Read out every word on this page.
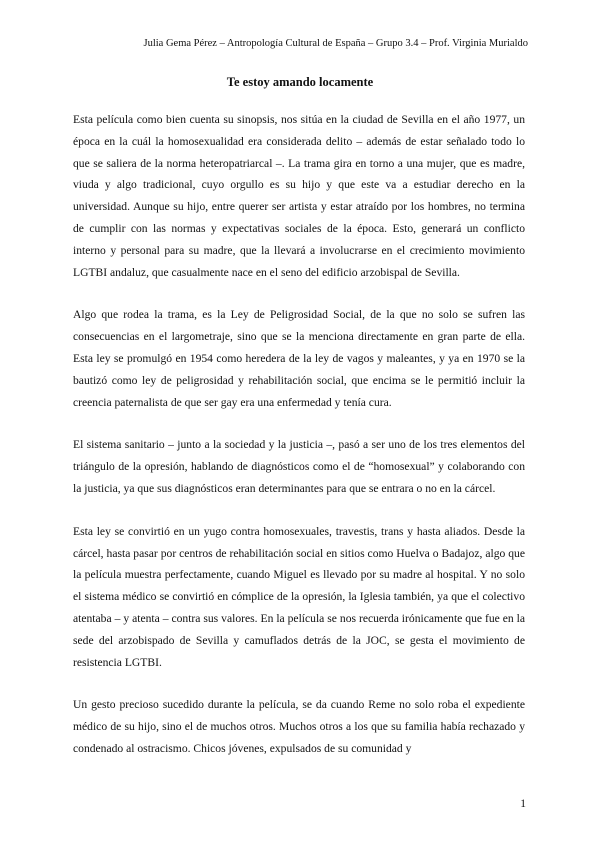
Julia Gema Pérez – Antropología Cultural de España – Grupo 3.4 – Prof. Virginia Murialdo
Te estoy amando locamente

Esta película como bien cuenta su sinopsis, nos sitúa en la ciudad de Sevilla en el año 1977, un época en la cuál la homosexualidad era considerada delito – además de estar señalado todo lo que se saliera de la norma heteropatriarcal –. La trama gira en torno a una mujer, que es madre, viuda y algo tradicional, cuyo orgullo es su hijo y que este va a estudiar derecho en la universidad. Aunque su hijo, entre querer ser artista y estar atraído por los hombres, no termina de cumplir con las normas y expectativas sociales de la época. Esto, generará un conflicto interno y personal para su madre, que la llevará a involucrarse en el crecimiento movimiento LGTBI andaluz, que casualmente nace en el seno del edificio arzobispal de Sevilla.

Algo que rodea la trama, es la Ley de Peligrosidad Social, de la que no solo se sufren las consecuencias en el largometraje, sino que se la menciona directamente en gran parte de ella. Esta ley se promulgó en 1954 como heredera de la ley de vagos y maleantes, y ya en 1970 se la bautizó como ley de peligrosidad y rehabilitación social, que encima se le permitió incluir la creencia paternalista de que ser gay era una enfermedad y tenía cura.

El sistema sanitario – junto a la sociedad y la justicia –, pasó a ser uno de los tres elementos del triángulo de la opresión, hablando de diagnósticos como el de “homosexual” y colaborando con la justicia, ya que sus diagnósticos eran determinantes para que se entrara o no en la cárcel.

Esta ley se convirtió en un yugo contra homosexuales, travestis, trans y hasta aliados. Desde la cárcel, hasta pasar por centros de rehabilitación social en sitios como Huelva o Badajoz, algo que la película muestra perfectamente, cuando Miguel es llevado por su madre al hospital. Y no solo el sistema médico se convirtió en cómplice de la opresión, la Iglesia también, ya que el colectivo atentaba – y atenta – contra sus valores. En la película se nos recuerda irónicamente que fue en la sede del arzobispado de Sevilla y camuflados detrás de la JOC, se gesta el movimiento de resistencia LGTBI.

Un gesto precioso sucedido durante la película, se da cuando Reme no solo roba el expediente médico de su hijo, sino el de muchos otros. Muchos otros a los que su familia había rechazado y condenado al ostracismo. Chicos jóvenes, expulsados de su comunidad y

1
